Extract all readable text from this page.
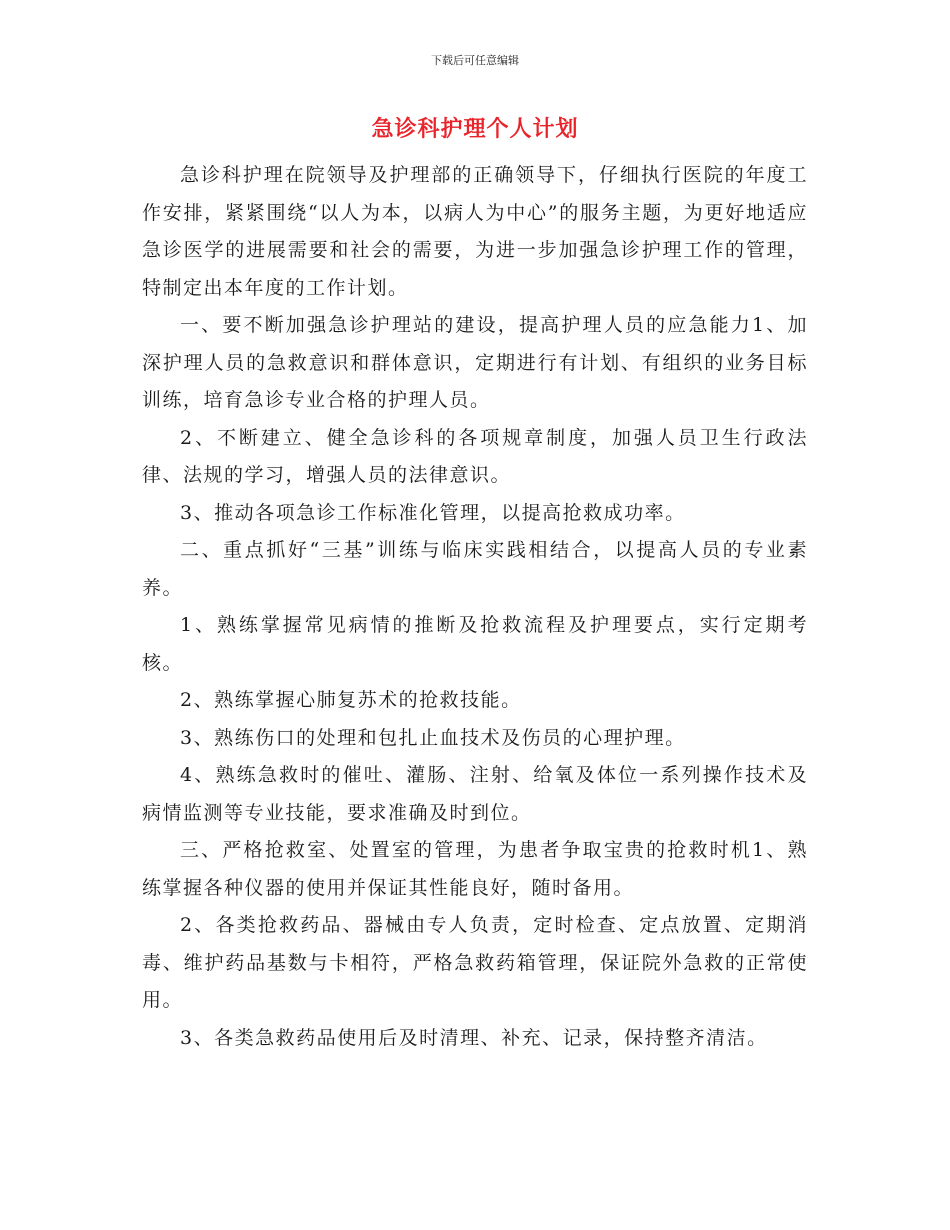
下载后可任意编辑
急诊科护理个人计划

急诊科护理在院领导及护理部的正确领导下，仔细执行医院的年度工作安排，紧紧围绕“以人为本，以病人为中心”的服务主题，为更好地适应急诊医学的进展需要和社会的需要，为进一步加强急诊护理工作的管理，特制定出本年度的工作计划。

一、要不断加强急诊护理站的建设，提高护理人员的应急能力1、加深护理人员的急救意识和群体意识，定期进行有计划、有组织的业务目标训练，培育急诊专业合格的护理人员。

2、不断建立、健全急诊科的各项规章制度，加强人员卫生行政法律、法规的学习，增强人员的法律意识。

3、推动各项急诊工作标准化管理，以提高抢救成功率。

二、重点抓好“三基”训练与临床实践相结合，以提高人员的专业素养。

1、熟练掌握常见病情的推断及抢救流程及护理要点，实行定期考核。

2、熟练掌握心肺复苏术的抢救技能。

3、熟练伤口的处理和包扎止血技术及伤员的心理护理。

4、熟练急救时的催吐、灌肠、注射、给氧及体位一系列操作技术及病情监测等专业技能，要求准确及时到位。

三、严格抢救室、处置室的管理，为患者争取宝贵的抢救时机1、熟练掌握各种仪器的使用并保证其性能良好，随时备用。

2、各类抢救药品、器械由专人负责，定时检查、定点放置、定期消毒、维护药品基数与卡相符，严格急救药箱管理，保证院外急救的正常使用。

3、各类急救药品使用后及时清理、补充、记录，保持整齐清洁。
